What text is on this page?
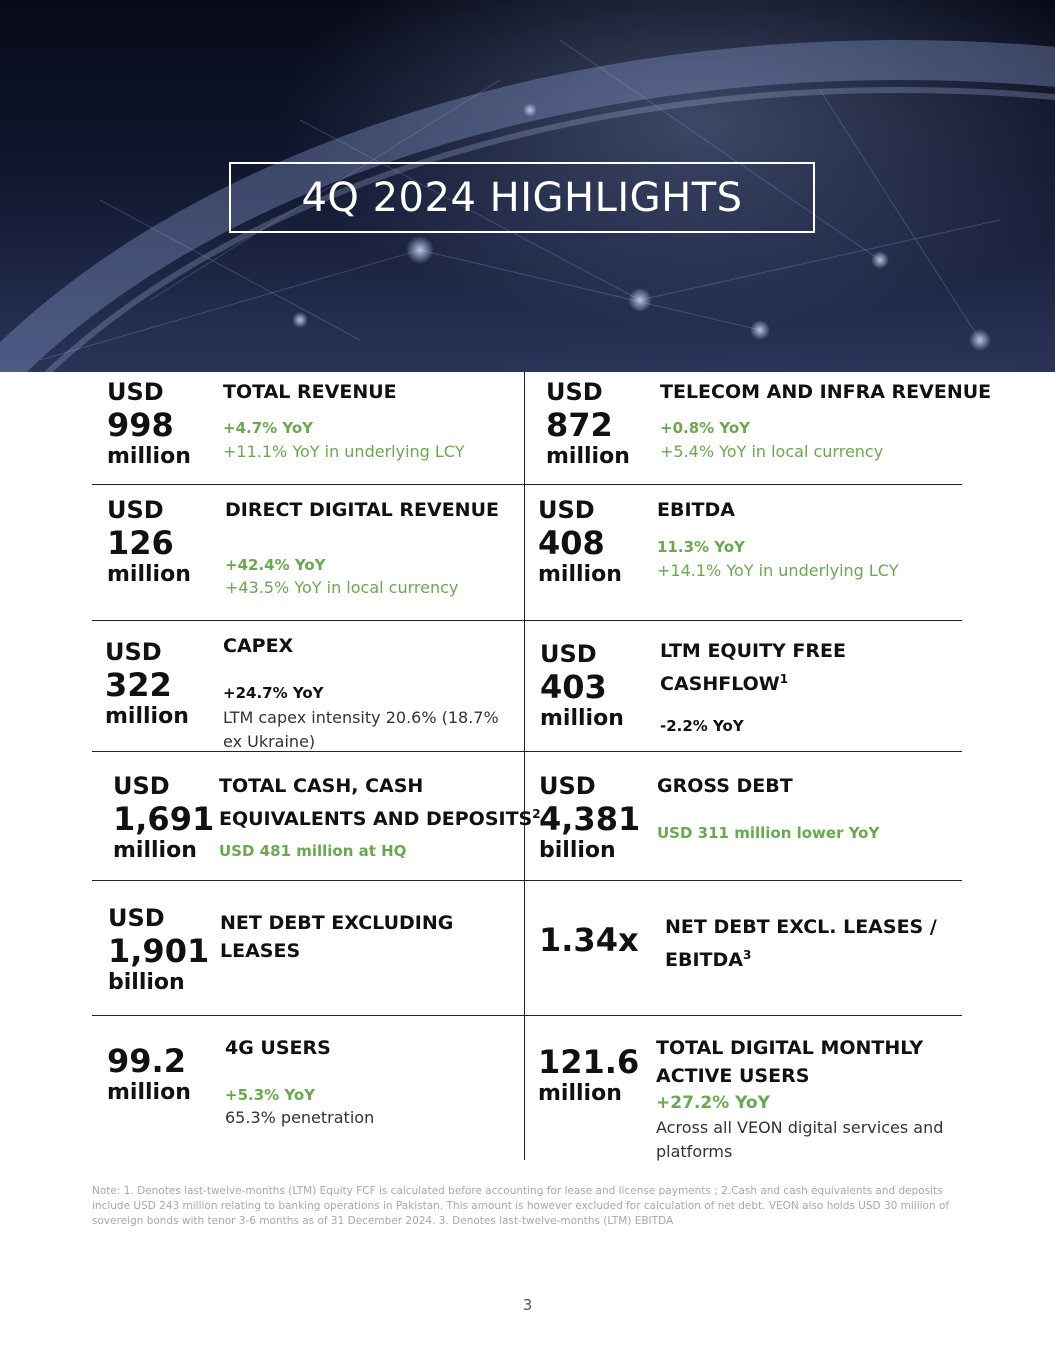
4Q 2024 HIGHLIGHTS
USD
998
million
TOTAL REVENUE
+4.7% YoY
+11.1% YoY in underlying LCY
USD
872
million
TELECOM AND INFRA REVENUE
+0.8% YoY
+5.4% YoY in local currency
USD
126
million
DIRECT DIGITAL REVENUE
+42.4% YoY
+43.5% YoY in local currency
USD
408
million
EBITDA
11.3% YoY
+14.1% YoY in underlying LCY
USD
322
million
CAPEX
+24.7% YoY
LTM capex intensity 20.6% (18.7% ex Ukraine)
USD
403
million
LTM EQUITY FREE
CASHFLOW$^1$
-2.2% YoY
USD
1,691
million
TOTAL CASH, CASH
EQUIVALENTS AND DEPOSITS$^2$
USD 481 million at HQ
USD
4,381
billion
GROSS DEBT
USD 311 million lower YoY
USD
1,901
billion
NET DEBT EXCLUDING
LEASES	1.34x NET DEBT EXCL. LEASES /
EBITDA$^3$
99.2
million
4G USERS
+5.3% YoY
65.3% penetration
121.6
million
TOTAL DIGITAL MONTHLY
ACTIVE USERS
+27.2% YoY
Across all VEON digital services and platforms
Note: 1. Denotes last-twelve-months (LTM) Equity FCF is calculated before accounting for lease and license payments ; 2.Cash and cash equivalents and deposits include USD 243 million relating to banking operations in Pakistan. This amount is however excluded for calculation of net debt. VEON also holds USD 30 million of sovereign bonds with tenor 3-6 months as of 31 December 2024. 3. Denotes last-twelve-months (LTM) EBITDA
3
